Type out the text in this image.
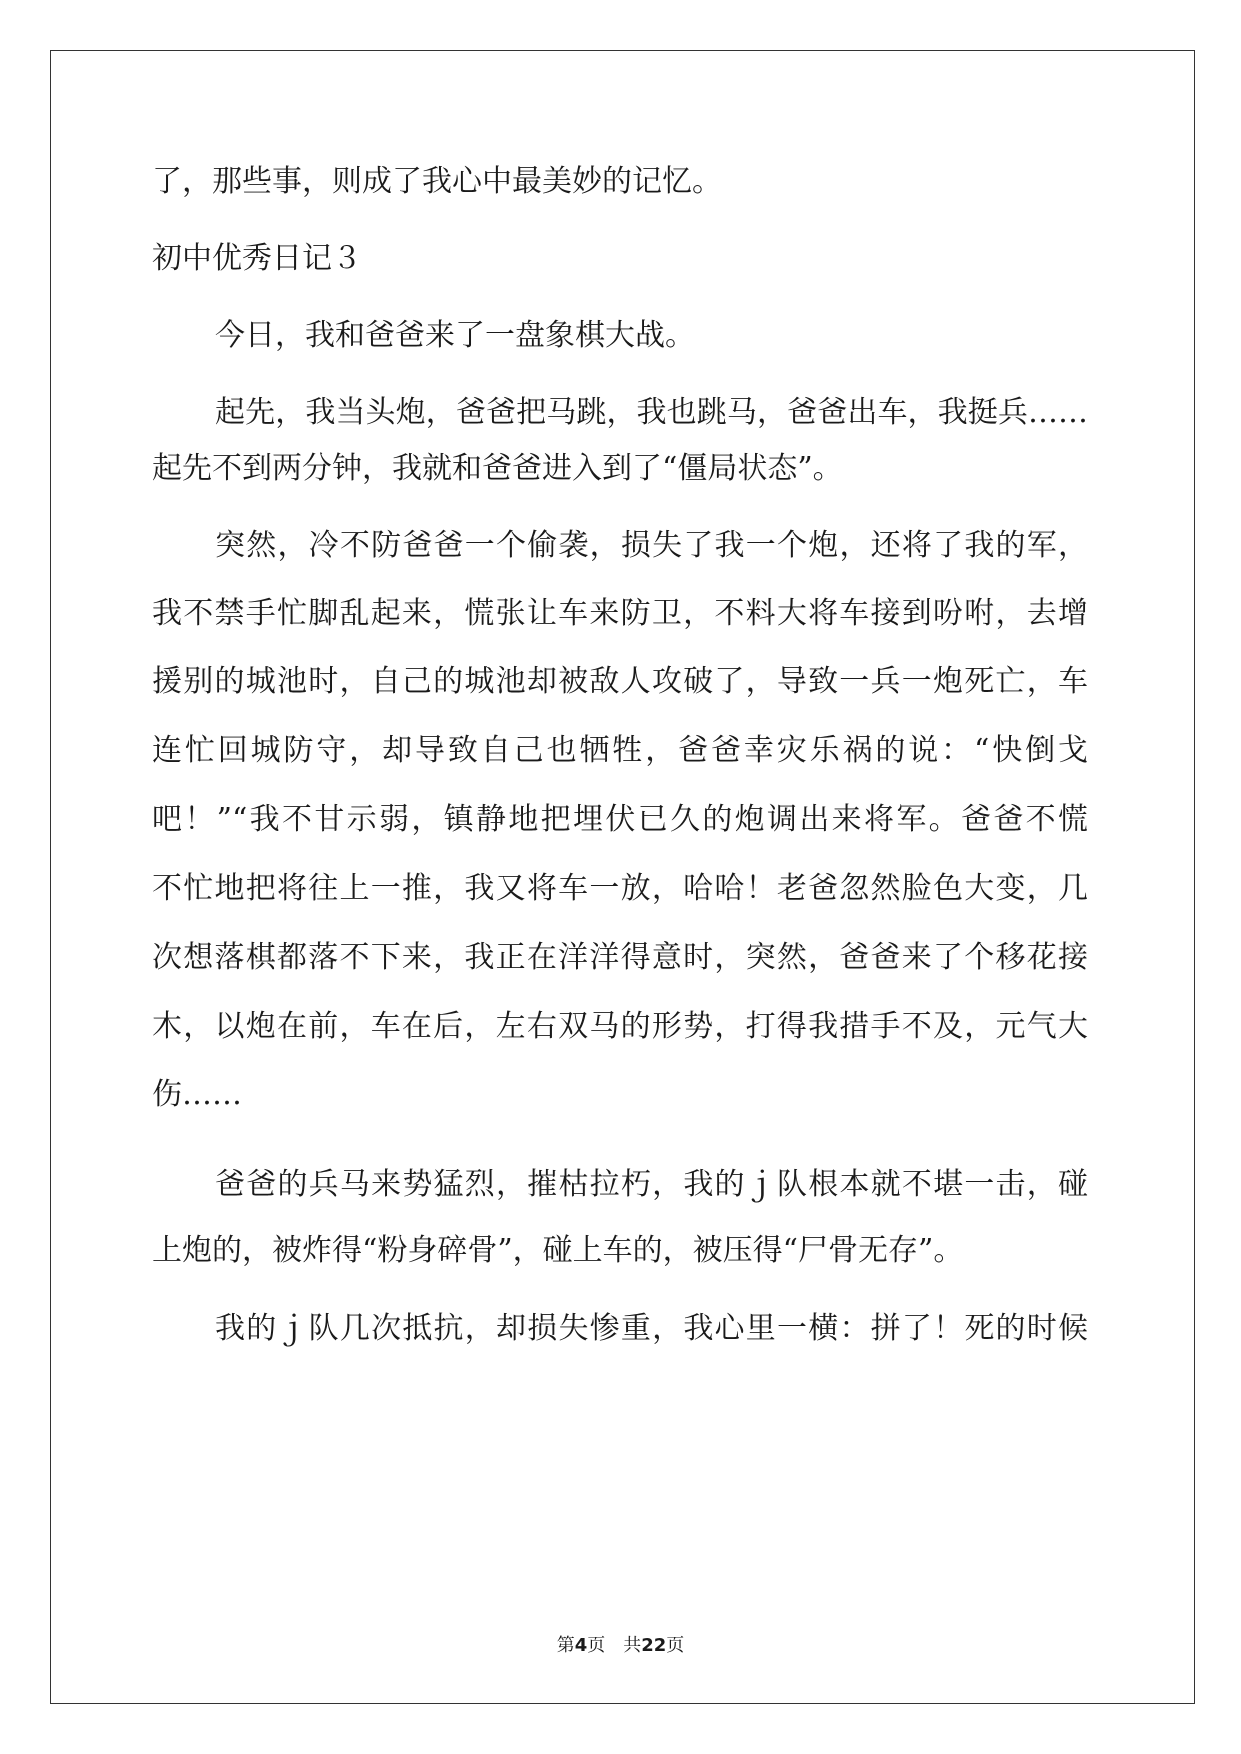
了，那些事，则成了我心中最美妙的记忆。
初中优秀日记３
今日，我和爸爸来了一盘象棋大战。
起先，我当头炮，爸爸把马跳，我也跳马，爸爸出车，我挺兵……
起先不到两分钟，我就和爸爸进入到了“僵局状态”。
突然，冷不防爸爸一个偷袭，损失了我一个炮，还将了我的军，
我不禁手忙脚乱起来，慌张让车来防卫，不料大将车接到吩咐，去增
援别的城池时，自己的城池却被敌人攻破了，导致一兵一炮死亡，车
连忙回城防守，却导致自己也牺牲，爸爸幸灾乐祸的说：“快倒戈
吧！”“我不甘示弱，镇静地把埋伏已久的炮调出来将军。爸爸不慌
不忙地把将往上一推，我又将车一放，哈哈！老爸忽然脸色大变，几
次想落棋都落不下来，我正在洋洋得意时，突然，爸爸来了个移花接
木，以炮在前，车在后，左右双马的形势，打得我措手不及，元气大
伤……
爸爸的兵马来势猛烈，摧枯拉朽，我的ｊ队根本就不堪一击，碰
上炮的，被炸得“粉身碎骨”，碰上车的，被压得“尸骨无存”。
我的ｊ队几次抵抗，却损失惨重，我心里一横：拼了！死的时候
第4页 共22页
